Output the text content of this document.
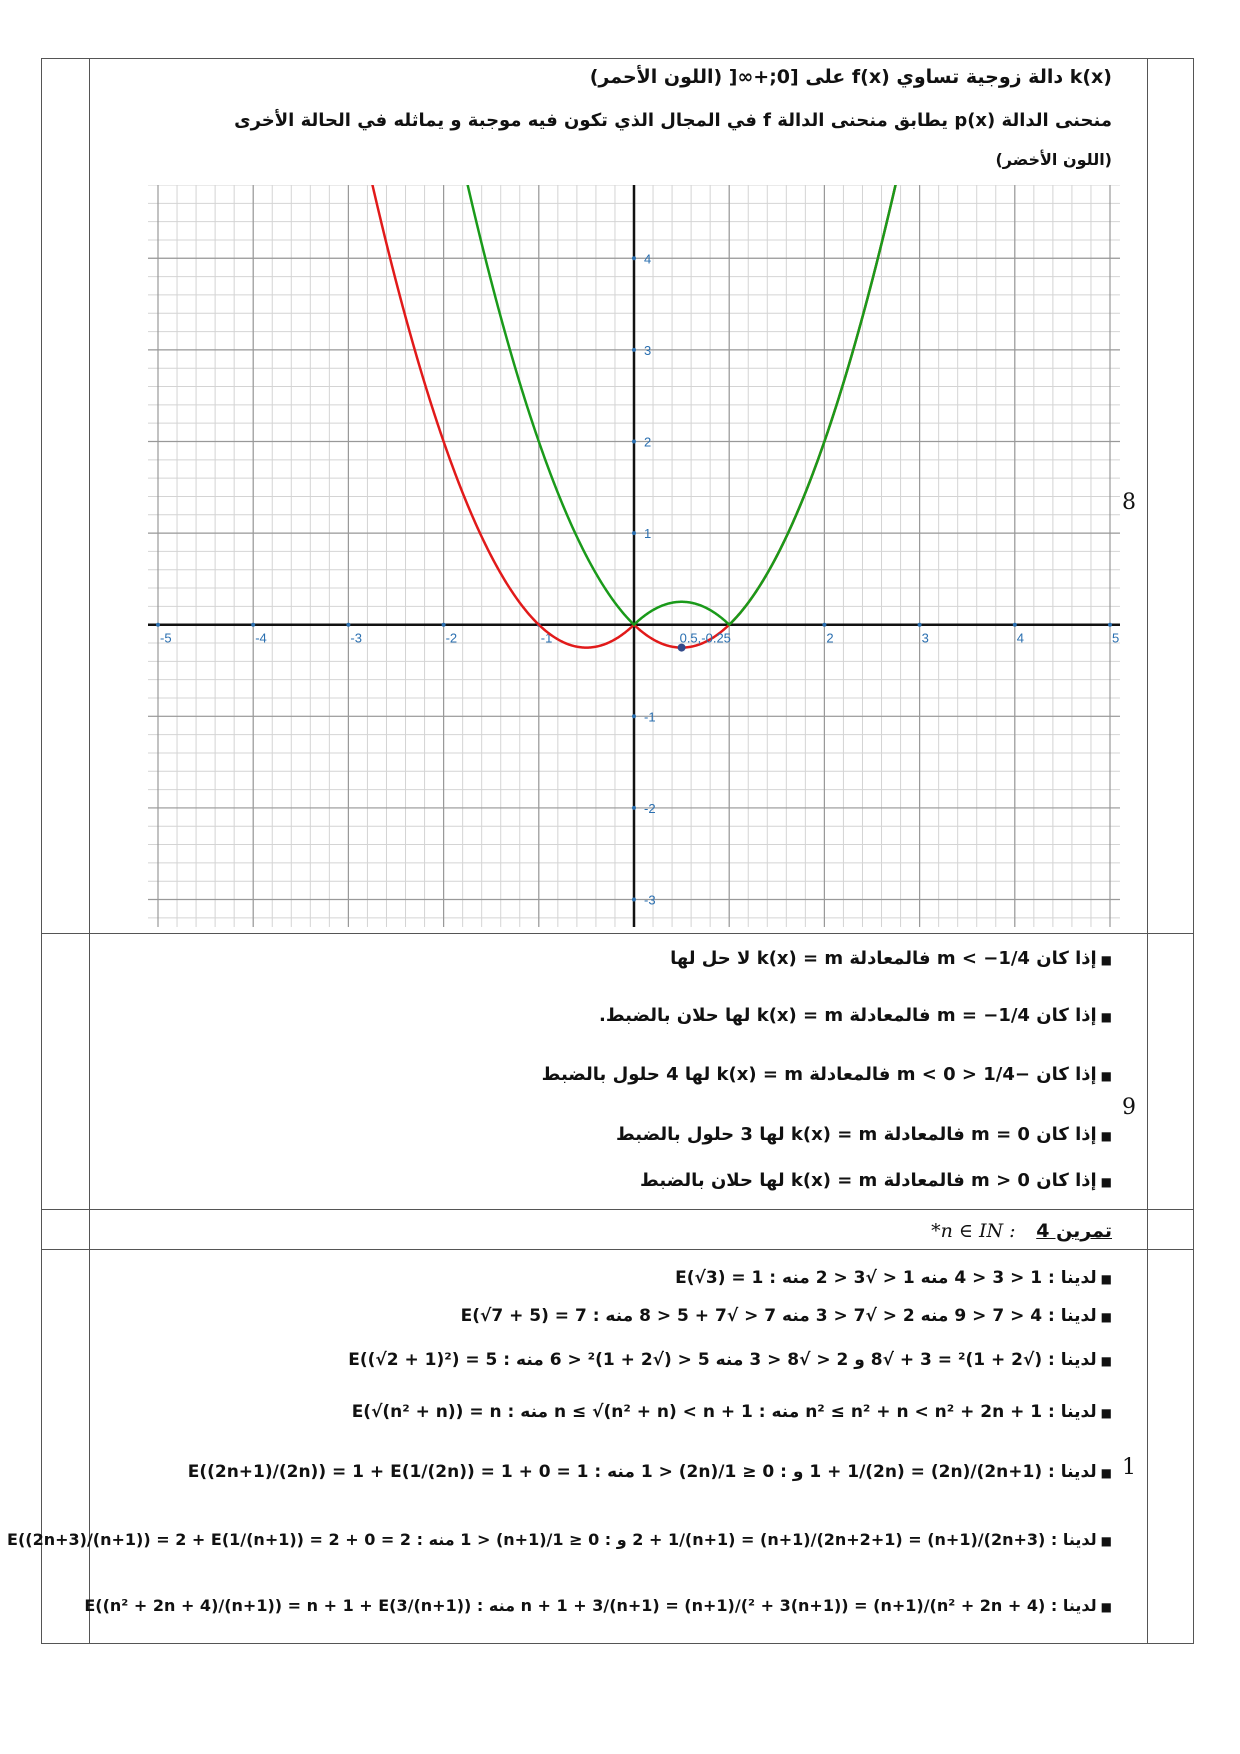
8
k(x) دالة زوجية تساوي f(x) على [0;+∞[ (اللون الأحمر)
منحنى الدالة p(x) يطابق منحنى الدالة f في المجال الذي تكون فيه موجبة و يماثله في الحالة الأخرى
(اللون الأخضر)
-5	-4	-3	-2	-1	2	3	4	5
4
3
2
1
-1
-2
-3
0.5,-0.25
9
■إذا كان m < −1/4 فالمعادلة k(x) = m لا حل لها
■إذا كان m = −1/4 فالمعادلة k(x) = m لها حلان بالضبط.
■إذا كان −1/4 < m < 0 فالمعادلة k(x) = m لها 4 حلول بالضبط
■إذا كان m = 0 فالمعادلة k(x) = m لها 3 حلول بالضبط
■إذا كان m > 0 فالمعادلة k(x) = m لها حلان بالضبط
تمرين 4 : n ∈ IN*
1
■لدينا : 1 < 3 < 4 منه 1 < √3 < 2 منه : E(√3) = 1
■لدينا : 4 < 7 < 9 منه 2 < √7 < 3 منه 7 < √7 + 5 < 8 منه : E(√7 + 5) = 7
■لدينا : (√2 + 1)² = 3 + √8 و 2 < √8 < 3 منه 5 < (√2 + 1)² < 6 منه : E((√2 + 1)²) = 5
■لدينا : n² ≤ n² + n < n² + 2n + 1 منه : n ≤ √(n² + n) < n + 1 منه : E(√(n² + n)) = n
■لدينا : (2n+1)/(2n) = 1 + 1/(2n) و : 0 ≤ 1/(2n) < 1 منه : E((2n+1)/(2n)) = 1 + E(1/(2n)) = 1 + 0 = 1
■لدينا : (2n+3)/(n+1) = (2n+2+1)/(n+1) = 2 + 1/(n+1) و : 0 ≤ 1/(n+1) < 1 منه : E((2n+3)/(n+1)) = 2 + E(1/(n+1)) = 2 + 0 = 2
■لدينا : (n² + 2n + 4)/(n+1) = ((n+1)² + 3)/(n+1) = n + 1 + 3/(n+1) منه : E((n² + 2n + 4)/(n+1)) = n + 1 + E(3/(n+1))
